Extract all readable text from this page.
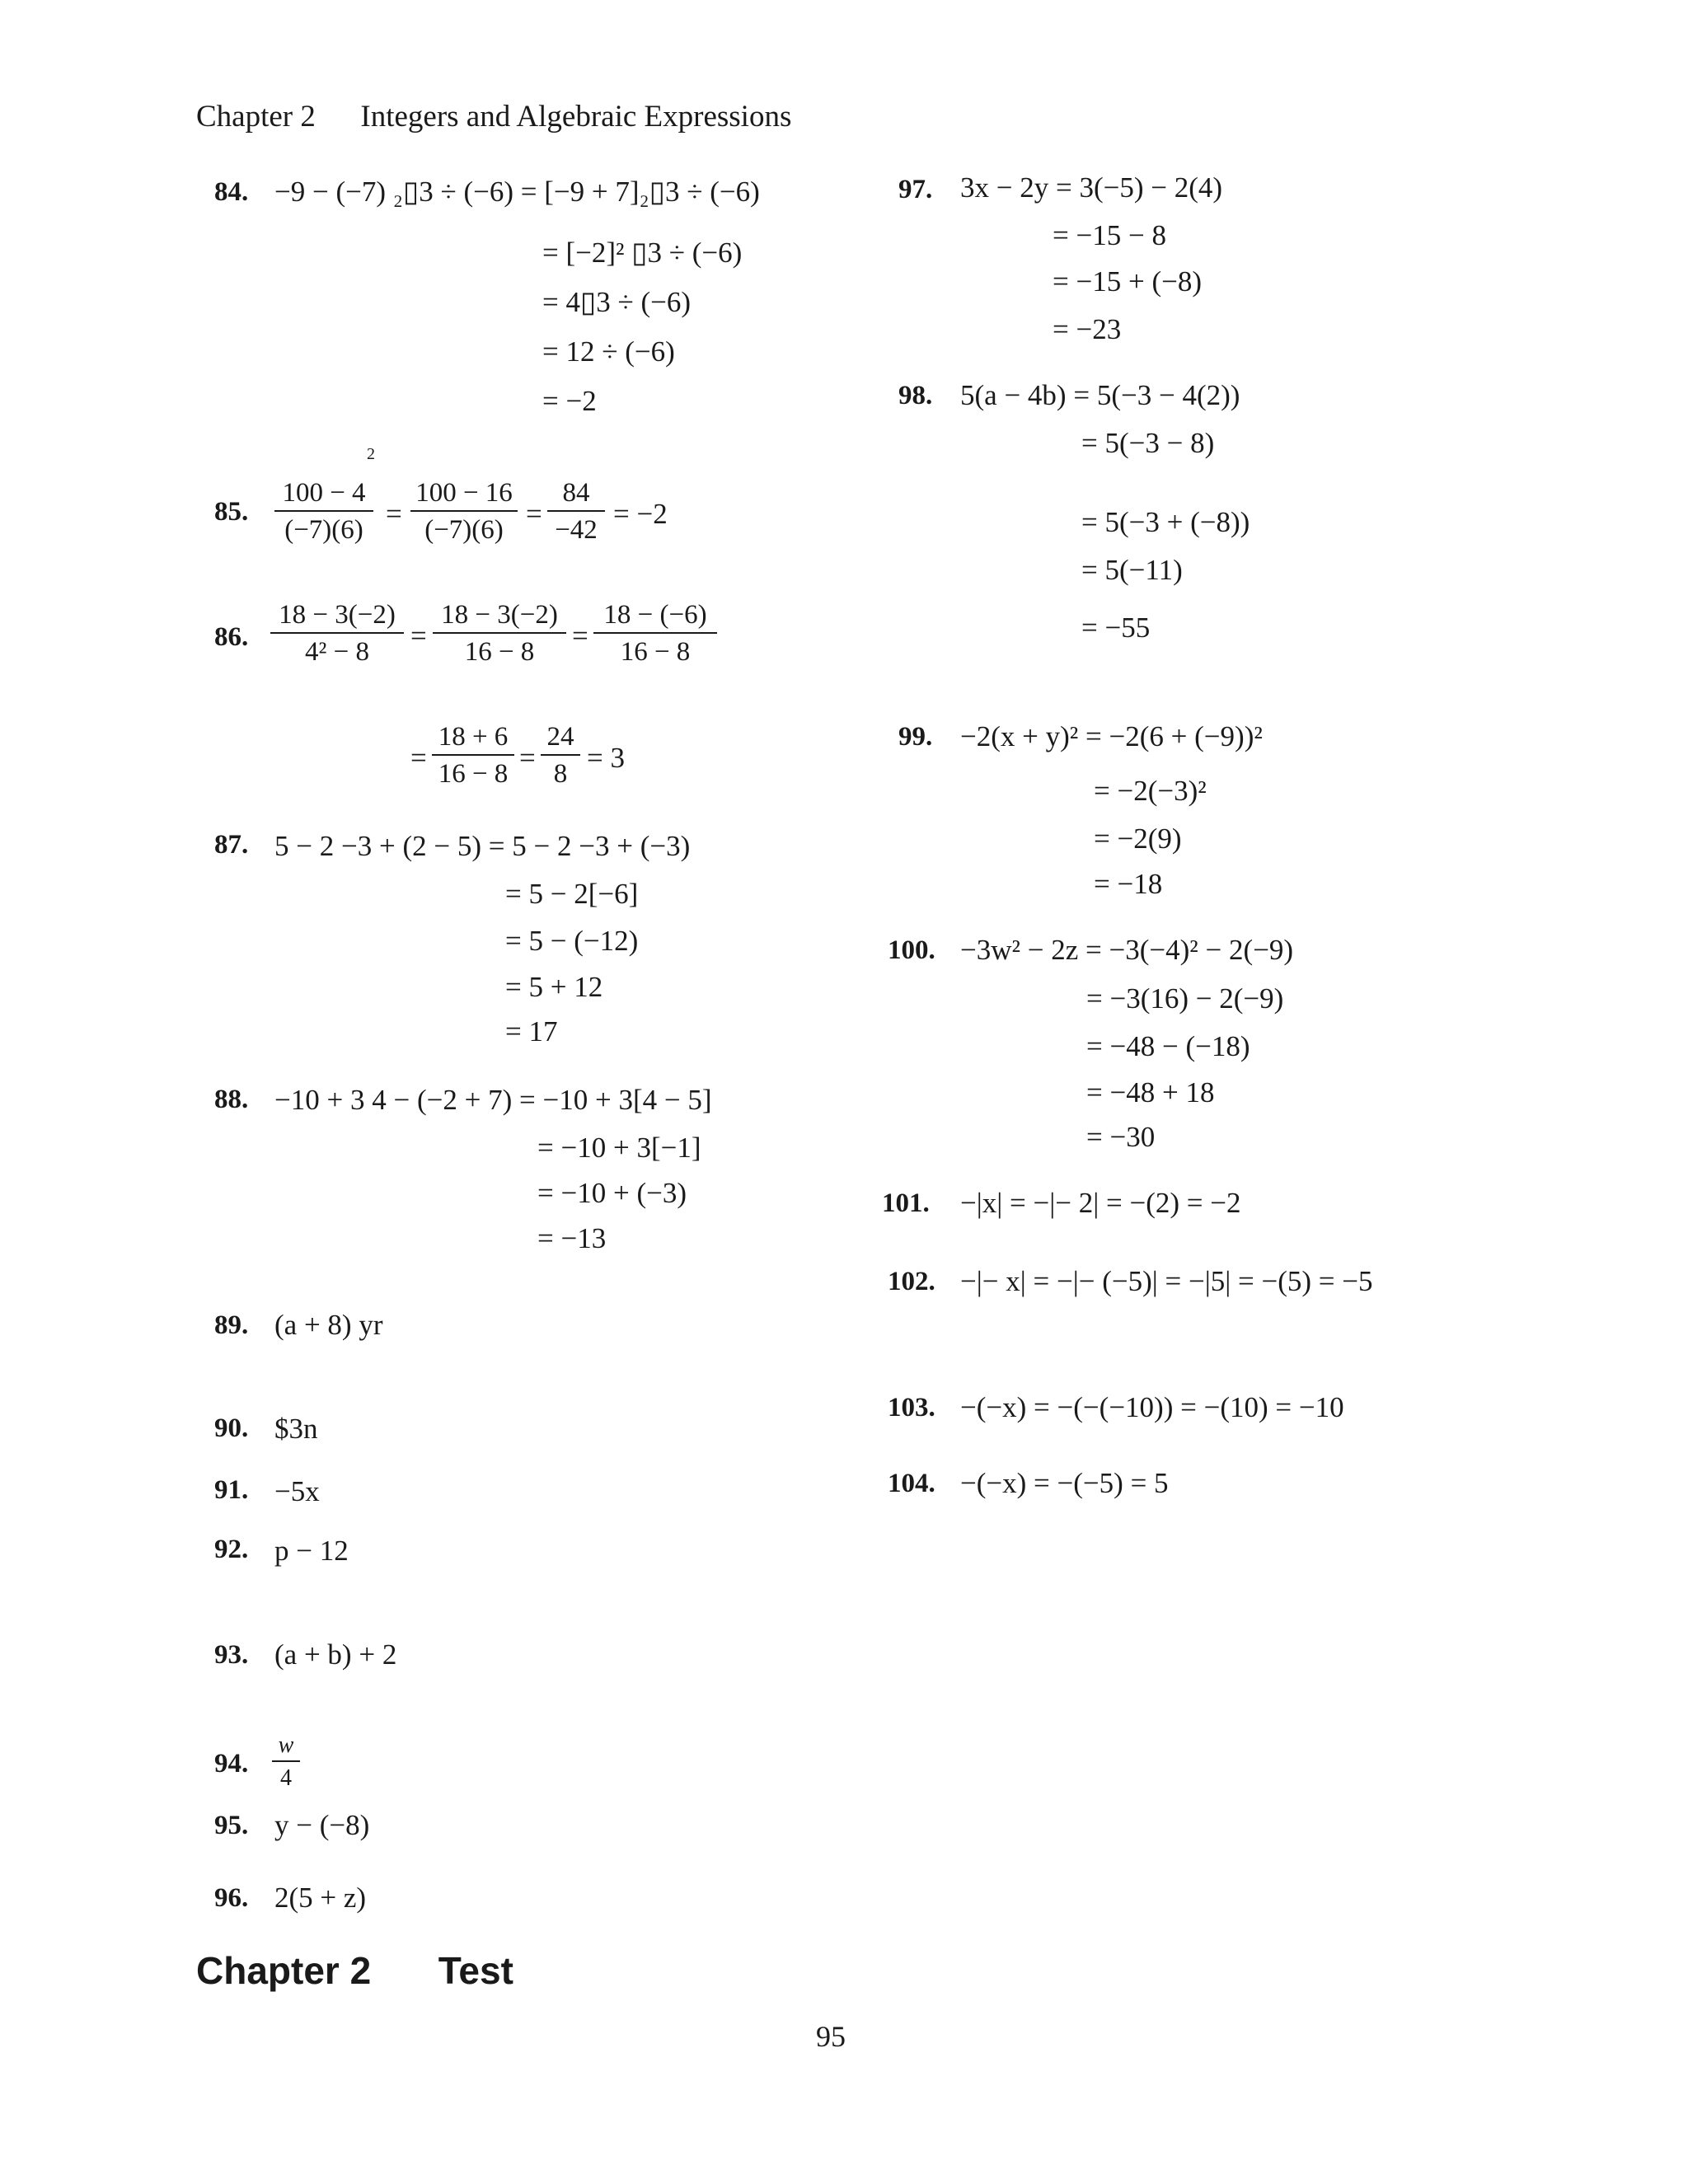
Chapter 2 Integers and Algebraic Expressions
84. −9 − (−7) ₂▯3 ÷ (−6) = [−9 + 7]₂▯3 ÷ (−6)
= [−2]² ▯3 ÷ (−6)
= 4▯3 ÷ (−6)
= 12 ÷ (−6)
= −2
2
85. $\frac{100 - 4}{(-7)(6)} = \frac{100 - 16}{(-7)(6)} = \frac{84}{-42} = -2$
86. $\frac{18 - 3(-2)}{\text{4² − 8}} = \frac{18 - 3(-2)}{16 - 8} = \frac{18 - (-6)}{16 - 8}$
= $\frac{18 + 6}{16 - 8} = \frac{24}{8} = 3$
87. 5 − 2 −3 + (2 − 5) = 5 − 2 −3 + (−3)
= 5 − 2[−6]
= 5 − (−12)
= 5 + 12
= 17
88. −10 + 3 4 − (−2 + 7) = −10 + 3[4 − 5]
= −10 + 3[−1]
= −10 + (−3)
= −13
89. (a + 8) yr
90. $3n
91. −5x
92. p − 12
93. (a + b) + 2
94. $\frac{w}{4}$
95. y − (−8)
96. 2(5 + z)
97. 3x − 2y = 3(−5) − 2(4)
= −15 − 8
= −15 + (−8)
= −23
98. 5(a − 4b) = 5(−3 − 4(2))
= 5(−3 − 8)
= 5(−3 + (−8))
= 5(−11)
= −55
99. −2(x + y)² = −2(6 + (−9))²
= −2(−3)²
= −2(9)
= −18
100. −3w² − 2z = −3(−4)² − 2(−9)
= −3(16) − 2(−9)
= −48 − (−18)
= −48 + 18
= −30
101. −|x| = −|− 2| = −(2) = −2
102. −|− x| = −|− (−5)| = −|5| = −(5) = −5
103. −(−x) = −(−(−10)) = −(10) = −10
104. −(−x) = −(−5) = 5
Chapter 2 Test
95
